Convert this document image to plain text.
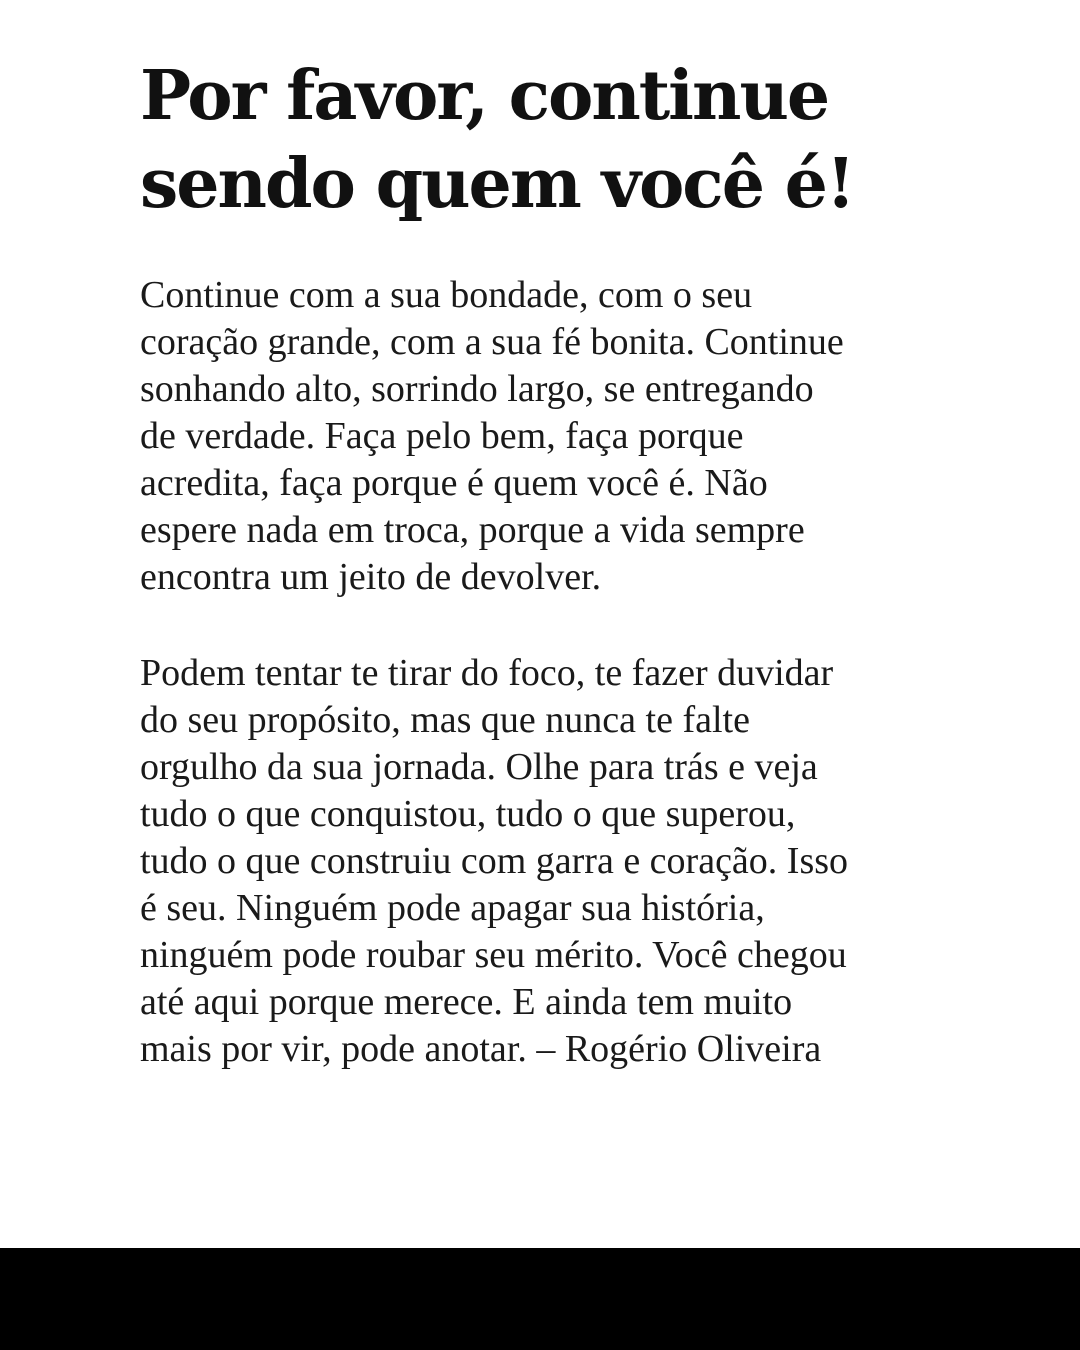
Por favor, continue
sendo quem você é!

Continue com a sua bondade, com o seu
coração grande, com a sua fé bonita. Continue
sonhando alto, sorrindo largo, se entregando
de verdade. Faça pelo bem, faça porque
acredita, faça porque é quem você é. Não
espere nada em troca, porque a vida sempre
encontra um jeito de devolver.

Podem tentar te tirar do foco, te fazer duvidar
do seu propósito, mas que nunca te falte
orgulho da sua jornada. Olhe para trás e veja
tudo o que conquistou, tudo o que superou,
tudo o que construiu com garra e coração. Isso
é seu. Ninguém pode apagar sua história,
ninguém pode roubar seu mérito. Você chegou
até aqui porque merece. E ainda tem muito
mais por vir, pode anotar. – Rogério Oliveira
